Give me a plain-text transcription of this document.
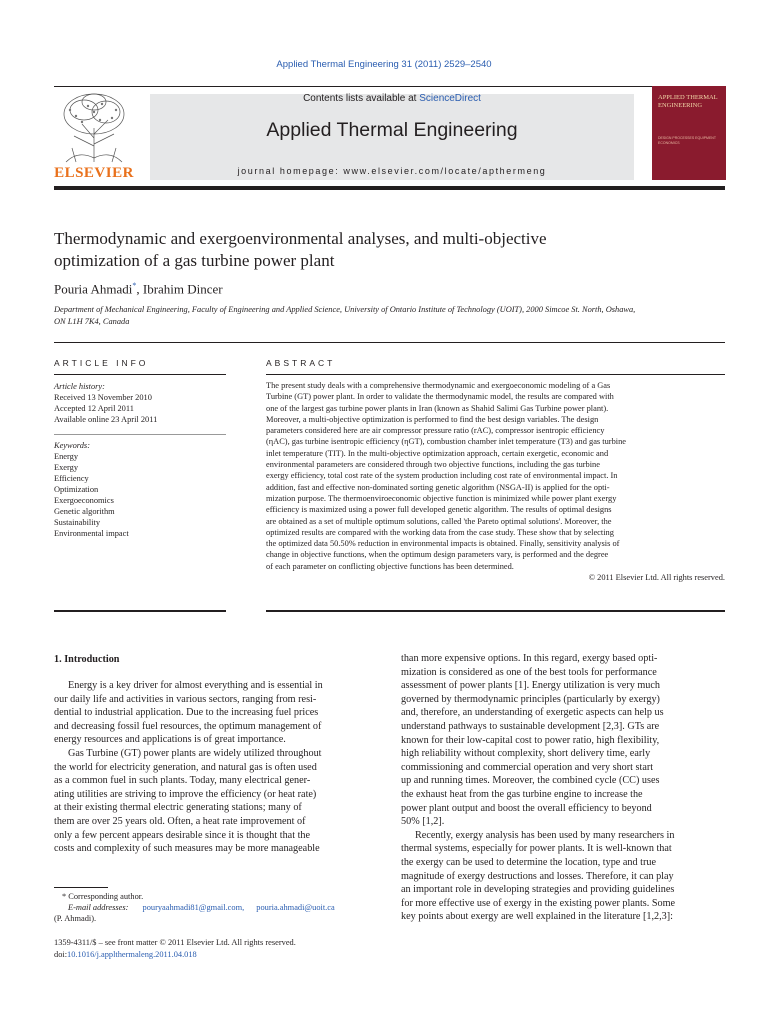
Applied Thermal Engineering 31 (2011) 2529–2540
ELSEVIER
Contents lists available at ScienceDirect
Applied Thermal Engineering
journal homepage: www.elsevier.com/locate/apthermeng
APPLIED THERMAL ENGINEERING
DESIGN PROCESSES EQUIPMENT ECONOMICS
Thermodynamic and exergoenvironmental analyses, and multi-objective
optimization of a gas turbine power plant
Pouria Ahmadi*, Ibrahim Dincer
Department of Mechanical Engineering, Faculty of Engineering and Applied Science, University of Ontario Institute of Technology (UOIT), 2000 Simcoe St. North, Oshawa,
ON L1H 7K4, Canada
ARTICLE INFO	ABSTRACT
Article history:
Received 13 November 2010
Accepted 12 April 2011
Available online 23 April 2011
Keywords:
Energy
Exergy
Efficiency
Optimization
Exergoeconomics
Genetic algorithm
Sustainability
Environmental impact
The present study deals with a comprehensive thermodynamic and exergoeconomic modeling of a Gas
Turbine (GT) power plant. In order to validate the thermodynamic model, the results are compared with
one of the largest gas turbine power plants in Iran (known as Shahid Salimi Gas Turbine power plant).
Moreover, a multi-objective optimization is performed to find the best design variables. The design
parameters considered here are air compressor pressure ratio (rAC), compressor isentropic efficiency
(ηAC), gas turbine isentropic efficiency (ηGT), combustion chamber inlet temperature (T3) and gas turbine
inlet temperature (TIT). In the multi-objective optimization approach, certain exergetic, economic and
environmental parameters are considered through two objective functions, including the gas turbine
exergy efficiency, total cost rate of the system production including cost rate of environmental impact. In
addition, fast and effective non-dominated sorting genetic algorithm (NSGA-II) is applied for the opti-
mization purpose. The thermoenviroeconomic objective function is minimized while power plant exergy
efficiency is maximized using a power full developed genetic algorithm. The results of optimal designs
are obtained as a set of multiple optimum solutions, called 'the Pareto optimal solutions'. Moreover, the
optimized results are compared with the working data from the case study. These show that by selecting
the optimized data 50.50% reduction in environmental impacts is obtained. Finally, sensitivity analysis of
change in objective functions, when the optimum design parameters vary, is performed and the degree
of each parameter on conflicting objective functions has been determined.
© 2011 Elsevier Ltd. All rights reserved.
1. Introduction
Energy is a key driver for almost everything and is essential in
our daily life and activities in various sectors, ranging from resi-
dential to industrial application. Due to the increasing fuel prices
and decreasing fossil fuel resources, the optimum management of
energy resources and applications is of great importance.
Gas Turbine (GT) power plants are widely utilized throughout
the world for electricity generation, and natural gas is often used
as a common fuel in such plants. Today, many electrical gener-
ating utilities are striving to improve the efficiency (or heat rate)
at their existing thermal electric generating stations; many of
them are over 25 years old. Often, a heat rate improvement of
only a few percent appears desirable since it is thought that the
costs and complexity of such measures may be more manageable
than more expensive options. In this regard, exergy based opti-
mization is considered as one of the best tools for performance
assessment of power plants [1]. Energy utilization is very much
governed by thermodynamic principles (particularly by exergy)
and, therefore, an understanding of exergetic aspects can help us
understand pathways to sustainable development [2,3]. GTs are
known for their low-capital cost to power ratio, high flexibility,
high reliability without complexity, short delivery time, early
commissioning and commercial operation and very short start
up and running times. Moreover, the combined cycle (CC) uses
the exhaust heat from the gas turbine engine to increase the
power plant output and boost the overall efficiency to beyond
50% [1,2].
Recently, exergy analysis has been used by many researchers in
thermal systems, especially for power plants. It is well-known that
the exergy can be used to determine the location, type and true
magnitude of exergy destructions and losses. Therefore, it can play
an important role in developing strategies and providing guidelines
for more effective use of exergy in the existing power plants. Some
key points about exergy are well explained in the literature [1,2,3]:
* Corresponding author.
E-mail addresses: pouryaahmadi81@gmail.com, pouria.ahmadi@uoit.ca
(P. Ahmadi).
1359-4311/$ – see front matter © 2011 Elsevier Ltd. All rights reserved.
doi:10.1016/j.applthermaleng.2011.04.018
